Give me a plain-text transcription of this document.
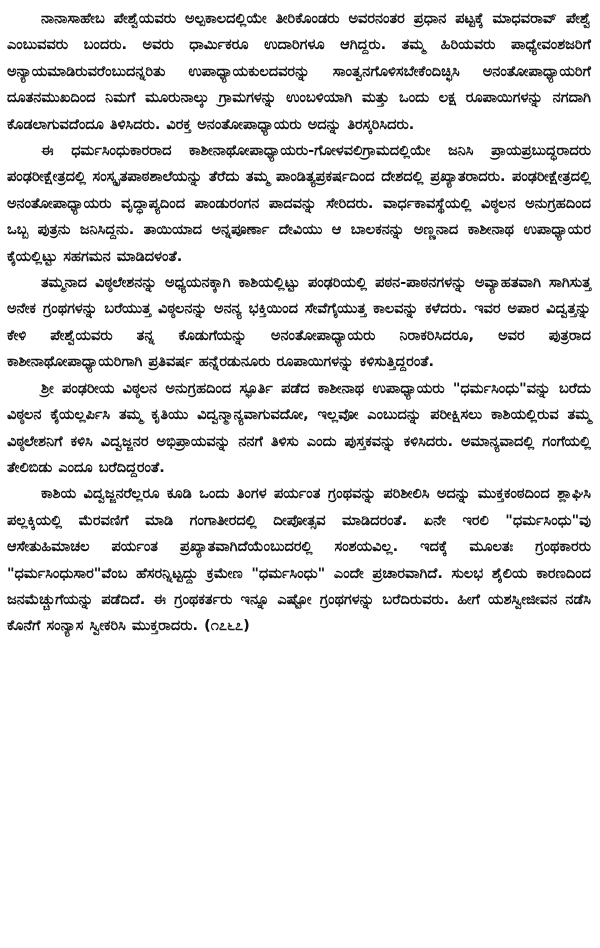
ನಾನಾಸಾಹೇಬ ಪೇಶ್ವೆಯವರು ಅಲ್ಪಕಾಲದಲ್ಲಿಯೇ ತೀರಿಕೊಂಡರು ಅವರನಂತರ ಪ್ರಧಾನ ಪಟ್ಟಕ್ಕೆ ಮಾಧವರಾವ್ ಪೇಶ್ವೆ ಎಂಬುವವರು ಬಂದರು. ಅವರು ಧಾರ್ಮಿಕರೂ ಉದಾರಿಗಳೂ ಆಗಿದ್ದರು. ತಮ್ಮ ಹಿರಿಯವರು ಪಾಧ್ಯೇವಂಶಜರಿಗೆ ಅನ್ಯಾಯಮಾಡಿರುವರೆಂಬುದನ್ನರಿತು ಉಪಾಧ್ಯಾಯಕುಲದವರನ್ನು ಸಾಂತ್ವನಗೊಳಿಸಬೇಕೆಂದಿಚ್ಛಿಸಿ ಅನಂತೋಪಾಧ್ಯಾಯರಿಗೆ ದೂತನಮುಖದಿಂದ ನಿಮಗೆ ಮೂರುನಾಲ್ಕು ಗ್ರಾಮಗಳನ್ನು ಉಂಬಳಿಯಾಗಿ ಮತ್ತು ಒಂದು ಲಕ್ಷ ರೂಪಾಯಿಗಳನ್ನು ನಗದಾಗಿ ಕೊಡಲಾಗುವದೆಂದೂ ತಿಳಿಸಿದರು. ವಿರಕ್ತ ಅನಂತೋಪಾಧ್ಯಾಯರು ಅದನ್ನು ತಿರಸ್ಕರಿಸಿದರು.

ಈ ಧರ್ಮಸಿಂಧುಕಾರರಾದ ಕಾಶೀನಾಥೋಪಾಧ್ಯಾಯರು-ಗೋಳವಲಿಗ್ರಾಮದಲ್ಲಿಯೇ ಜನಿಸಿ ಪ್ರಾಯಪ್ರಬುದ್ಧರಾದರು ಪಂಢರೀಕ್ಷೇತ್ರದಲ್ಲಿ ಸಂಸ್ಕೃತಪಾಠಶಾಲೆಯನ್ನು ತೆರೆದು ತಮ್ಮ ಪಾಂಡಿತ್ಯಪ್ರಕರ್ಷದಿಂದ ದೇಶದಲ್ಲಿ ಪ್ರಖ್ಯಾತರಾದರು. ಪಂಢರೀಕ್ಷೇತ್ರದಲ್ಲಿ ಅನಂತೋಪಾಧ್ಯಾಯರು ವೃದ್ಧಾಪ್ಯದಿಂದ ಪಾಂಡುರಂಗನ ಪಾದವನ್ನು ಸೇರಿದರು. ವಾರ್ಧಕಾವಸ್ಥೆಯಲ್ಲಿ ವಿಠ್ಠಲನ ಅನುಗ್ರಹದಿಂದ ಒಬ್ಬ ಪುತ್ರನು ಜನಿಸಿದ್ದನು. ತಾಯಿಯಾದ ಅನ್ನಪೂರ್ಣಾ ದೇವಿಯು ಆ ಬಾಲಕನನ್ನು ಅಣ್ಣನಾದ ಕಾಶೀನಾಥ ಉಪಾಧ್ಯಾಯರ ಕೈಯಲ್ಲಿಟ್ಟು ಸಹಗಮನ ಮಾಡಿದಳಂತೆ.

ತಮ್ಮನಾದ ವಿಠ್ಠಲೇಶನನ್ನು ಅಧ್ಯಯನಕ್ಕಾಗಿ ಕಾಶಿಯಲ್ಲಿಟ್ಟು ಪಂಢರಿಯಲ್ಲಿ ಪಠನ-ಪಾಠನಗಳನ್ನು ಅವ್ಯಾಹತವಾಗಿ ಸಾಗಿಸುತ್ತ ಅನೇಕ ಗ್ರಂಥಗಳನ್ನು ಬರೆಯುತ್ತ ವಿಠ್ಠಲನನ್ನು ಅನನ್ಯ ಭಕ್ತಿಯಿಂದ ಸೇವೆಗೈಯುತ್ತ ಕಾಲವನ್ನು ಕಳೆದರು. ಇವರ ಅಪಾರ ವಿದ್ವತ್ತನ್ನು ಕೇಳಿ ಪೇಶ್ವೆಯವರು ತನ್ನ ಕೊಡುಗೆಯನ್ನು ಅನಂತೋಪಾಧ್ಯಾಯರು ನಿರಾಕರಿಸಿದರೂ, ಅವರ ಪುತ್ರರಾದ ಕಾಶೀನಾಥೋಪಾಧ್ಯಾಯರಿಗಾಗಿ ಪ್ರತಿವರ್ಷ ಹನ್ನೆರಡುನೂರು ರೂಪಾಯಿಗಳನ್ನು ಕಳಿಸುತ್ತಿದ್ದರಂತೆ.

ಶ್ರೀ ಪಂಢರೀಯ ವಿಠ್ಠಲನ ಅನುಗ್ರಹದಿಂದ ಸ್ಫೂರ್ತಿ ಪಡೆದ ಕಾಶೀನಾಥ ಉಪಾಧ್ಯಾಯರು "ಧರ್ಮಸಿಂಧು"ವನ್ನು ಬರೆದು ವಿಠ್ಠಲನ ಕೈಯಲ್ಲರ್ಪಿಸಿ ತಮ್ಮ ಕೃತಿಯು ವಿದ್ವನ್ಮಾನ್ಯವಾಗುವದೋ, ಇಲ್ಲವೋ ಎಂಬುದನ್ನು ಪರೀಕ್ಷಿಸಲು ಕಾಶಿಯಲ್ಲಿರುವ ತಮ್ಮ ವಿಠ್ಠಲೇಶನಿಗೆ ಕಳಿಸಿ ವಿದ್ವಜ್ಜನರ ಅಭಿಪ್ರಾಯವನ್ನು ನನಗೆ ತಿಳಿಸು ಎಂದು ಪುಸ್ತಕವನ್ನು ಕಳಿಸಿದರು. ಅಮಾನ್ಯವಾದಲ್ಲಿ ಗಂಗೆಯಲ್ಲಿ ತೇಲಿಬಿಡು ಎಂದೂ ಬರೆದಿದ್ದರಂತೆ.

ಕಾಶಿಯ ವಿದ್ವಜ್ಜನರೆಲ್ಲರೂ ಕೂಡಿ ಒಂದು ತಿಂಗಳ ಪರ್ಯಂತ ಗ್ರಂಥವನ್ನು ಪರಿಶೀಲಿಸಿ ಅದನ್ನು ಮುಕ್ತಕಂಠದಿಂದ ಶ್ಲಾಘಿಸಿ ಪಲ್ಲಕ್ಕಿಯಲ್ಲಿ ಮೆರವಣಿಗೆ ಮಾಡಿ ಗಂಗಾತೀರದಲ್ಲಿ ದೀಪೋತ್ಸವ ಮಾಡಿದರಂತೆ. ಏನೇ ಇರಲಿ "ಧರ್ಮಸಿಂಧು"ವು ಆಸೇತುಹಿಮಾಚಲ ಪರ್ಯಂತ ಪ್ರಖ್ಯಾತವಾಗಿದೆಯೆಂಬುದರಲ್ಲಿ ಸಂಶಯವಿಲ್ಲ. ಇದಕ್ಕೆ ಮೂಲತಃ ಗ್ರಂಥಕಾರರು "ಧರ್ಮಸಿಂಧುಸಾರ"ವೆಂಬ ಹೆಸರನ್ನಿಟ್ಟದ್ದು ಕ್ರಮೇಣ "ಧರ್ಮಸಿಂಧು" ಎಂದೇ ಪ್ರಚಾರವಾಗಿದೆ. ಸುಲಭ ಶೈಲಿಯ ಕಾರಣದಿಂದ ಜನಮೆಚ್ಚುಗೆಯನ್ನು ಪಡೆದಿದೆ. ಈ ಗ್ರಂಥಕರ್ತರು ಇನ್ನೂ ಎಷ್ಟೋ ಗ್ರಂಥಗಳನ್ನು ಬರೆದಿರುವರು. ಹೀಗೆ ಯಶಸ್ವೀಜೀವನ ನಡೆಸಿ ಕೊನೆಗೆ ಸಂನ್ಯಾಸ ಸ್ವೀಕರಿಸಿ ಮುಕ್ತರಾದರು. (೧೭೬೭)
